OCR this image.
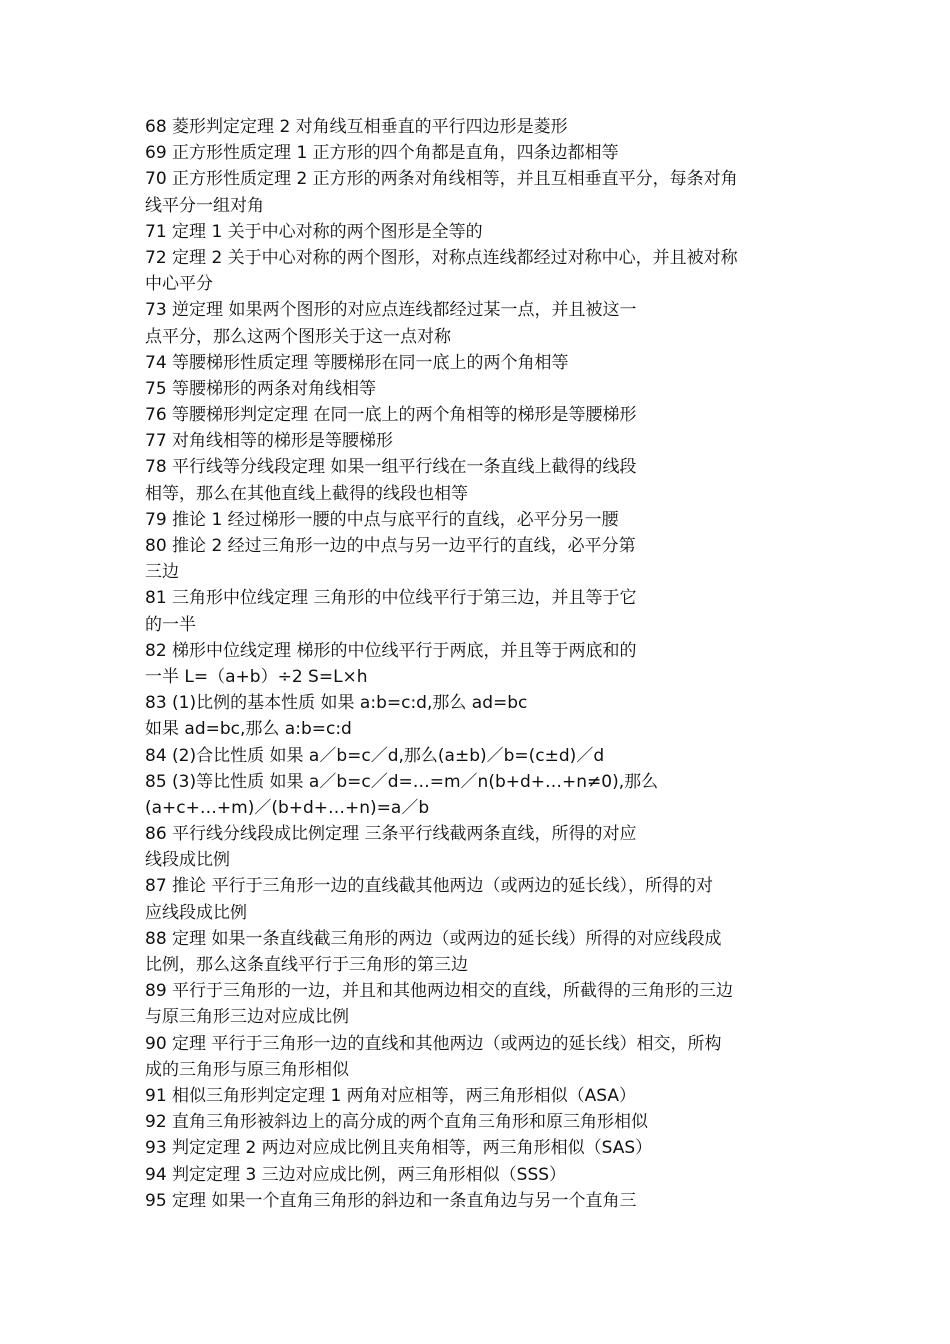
68 菱形判定定理 2 对角线互相垂直的平行四边形是菱形
69 正方形性质定理 1 正方形的四个角都是直角，四条边都相等
70 正方形性质定理 2 正方形的两条对角线相等，并且互相垂直平分，每条对角
线平分一组对角
71 定理 1 关于中心对称的两个图形是全等的
72 定理 2 关于中心对称的两个图形，对称点连线都经过对称中心，并且被对称
中心平分
73 逆定理 如果两个图形的对应点连线都经过某一点，并且被这一
点平分，那么这两个图形关于这一点对称
74 等腰梯形性质定理 等腰梯形在同一底上的两个角相等
75 等腰梯形的两条对角线相等
76 等腰梯形判定定理 在同一底上的两个角相等的梯形是等腰梯形
77 对角线相等的梯形是等腰梯形
78 平行线等分线段定理 如果一组平行线在一条直线上截得的线段
相等，那么在其他直线上截得的线段也相等
79 推论 1 经过梯形一腰的中点与底平行的直线，必平分另一腰
80 推论 2 经过三角形一边的中点与另一边平行的直线，必平分第
三边
81 三角形中位线定理 三角形的中位线平行于第三边，并且等于它
的一半
82 梯形中位线定理 梯形的中位线平行于两底，并且等于两底和的
一半 L=（a+b）÷2 S=L×h
83 (1)比例的基本性质 如果 a:b=c:d,那么 ad=bc
如果 ad=bc,那么 a:b=c:d
84 (2)合比性质 如果 a／b=c／d,那么(a±b)／b=(c±d)／d
85 (3)等比性质 如果 a／b=c／d=…=m／n(b+d+…+n≠0),那么
(a+c+…+m)／(b+d+…+n)=a／b
86 平行线分线段成比例定理 三条平行线截两条直线，所得的对应
线段成比例
87 推论 平行于三角形一边的直线截其他两边（或两边的延长线），所得的对
应线段成比例
88 定理 如果一条直线截三角形的两边（或两边的延长线）所得的对应线段成
比例，那么这条直线平行于三角形的第三边
89 平行于三角形的一边，并且和其他两边相交的直线，所截得的三角形的三边
与原三角形三边对应成比例
90 定理 平行于三角形一边的直线和其他两边（或两边的延长线）相交，所构
成的三角形与原三角形相似
91 相似三角形判定定理 1 两角对应相等，两三角形相似（ASA）
92 直角三角形被斜边上的高分成的两个直角三角形和原三角形相似
93 判定定理 2 两边对应成比例且夹角相等，两三角形相似（SAS）
94 判定定理 3 三边对应成比例，两三角形相似（SSS）
95 定理 如果一个直角三角形的斜边和一条直角边与另一个直角三
